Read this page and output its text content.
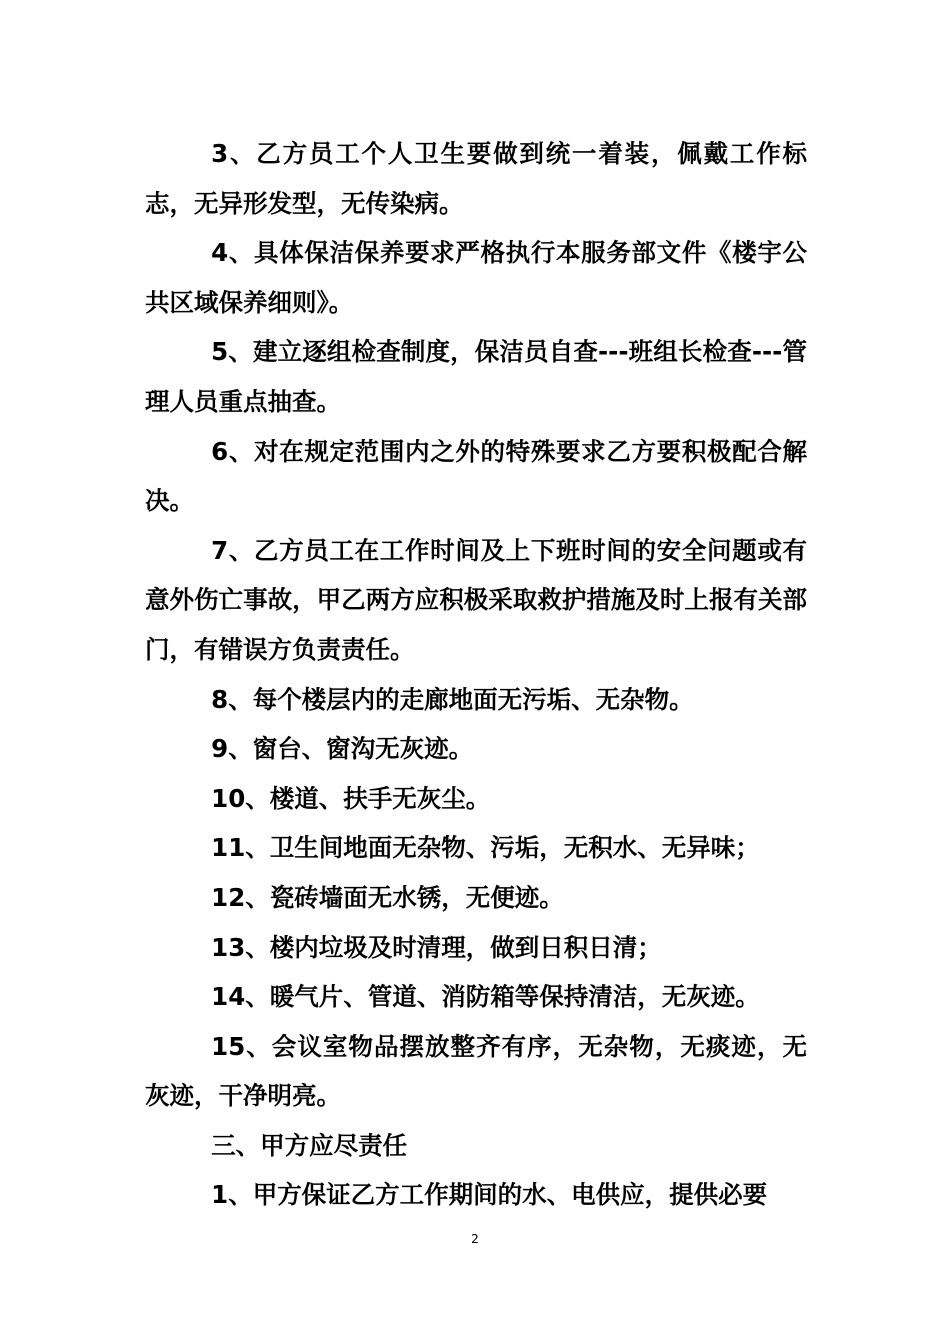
3、乙方员工个人卫生要做到统一着装，佩戴工作标志，无异形发型，无传染病。

4、具体保洁保养要求严格执行本服务部文件《楼宇公共区域保养细则》。

5、建立逐组检查制度，保洁员自查---班组长检查---管理人员重点抽查。

6、对在规定范围内之外的特殊要求乙方要积极配合解决。

7、乙方员工在工作时间及上下班时间的安全问题或有意外伤亡事故，甲乙两方应积极采取救护措施及时上报有关部门，有错误方负责责任。

8、每个楼层内的走廊地面无污垢、无杂物。

9、窗台、窗沟无灰迹。

10、楼道、扶手无灰尘。

11、卫生间地面无杂物、污垢，无积水、无异味；

12、瓷砖墙面无水锈，无便迹。

13、楼内垃圾及时清理，做到日积日清；

14、暖气片、管道、消防箱等保持清洁，无灰迹。

15、会议室物品摆放整齐有序，无杂物，无痰迹，无灰迹，干净明亮。

三、甲方应尽责任

1、甲方保证乙方工作期间的水、电供应，提供必要

2
